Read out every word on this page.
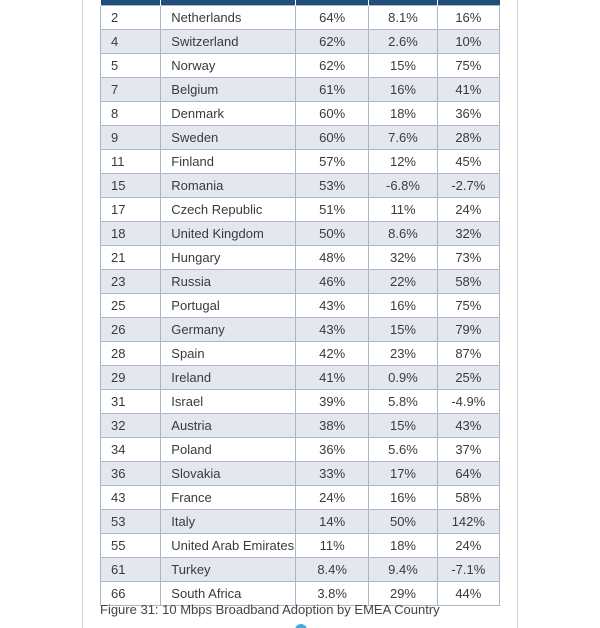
2	Netherlands	64%	8.1%	16%
4	Switzerland	62%	2.6%	10%
5	Norway	62%	15%	75%
7	Belgium	61%	16%	41%
8	Denmark	60%	18%	36%
9	Sweden	60%	7.6%	28%
11	Finland	57%	12%	45%
15	Romania	53%	-6.8%	-2.7%
17	Czech Republic	51%	11%	24%
18	United Kingdom	50%	8.6%	32%
21	Hungary	48%	32%	73%
23	Russia	46%	22%	58%
25	Portugal	43%	16%	75%
26	Germany	43%	15%	79%
28	Spain	42%	23%	87%
29	Ireland	41%	0.9%	25%
31	Israel	39%	5.8%	-4.9%
32	Austria	38%	15%	43%
34	Poland	36%	5.6%	37%
36	Slovakia	33%	17%	64%
43	France	24%	16%	58%
53	Italy	14%	50%	142%
55	United Arab Emirates	11%	18%	24%
61	Turkey	8.4%	9.4%	-7.1%
66	South Africa	3.8%	29%	44%
Figure 31: 10 Mbps Broadband Adoption by EMEA Country
